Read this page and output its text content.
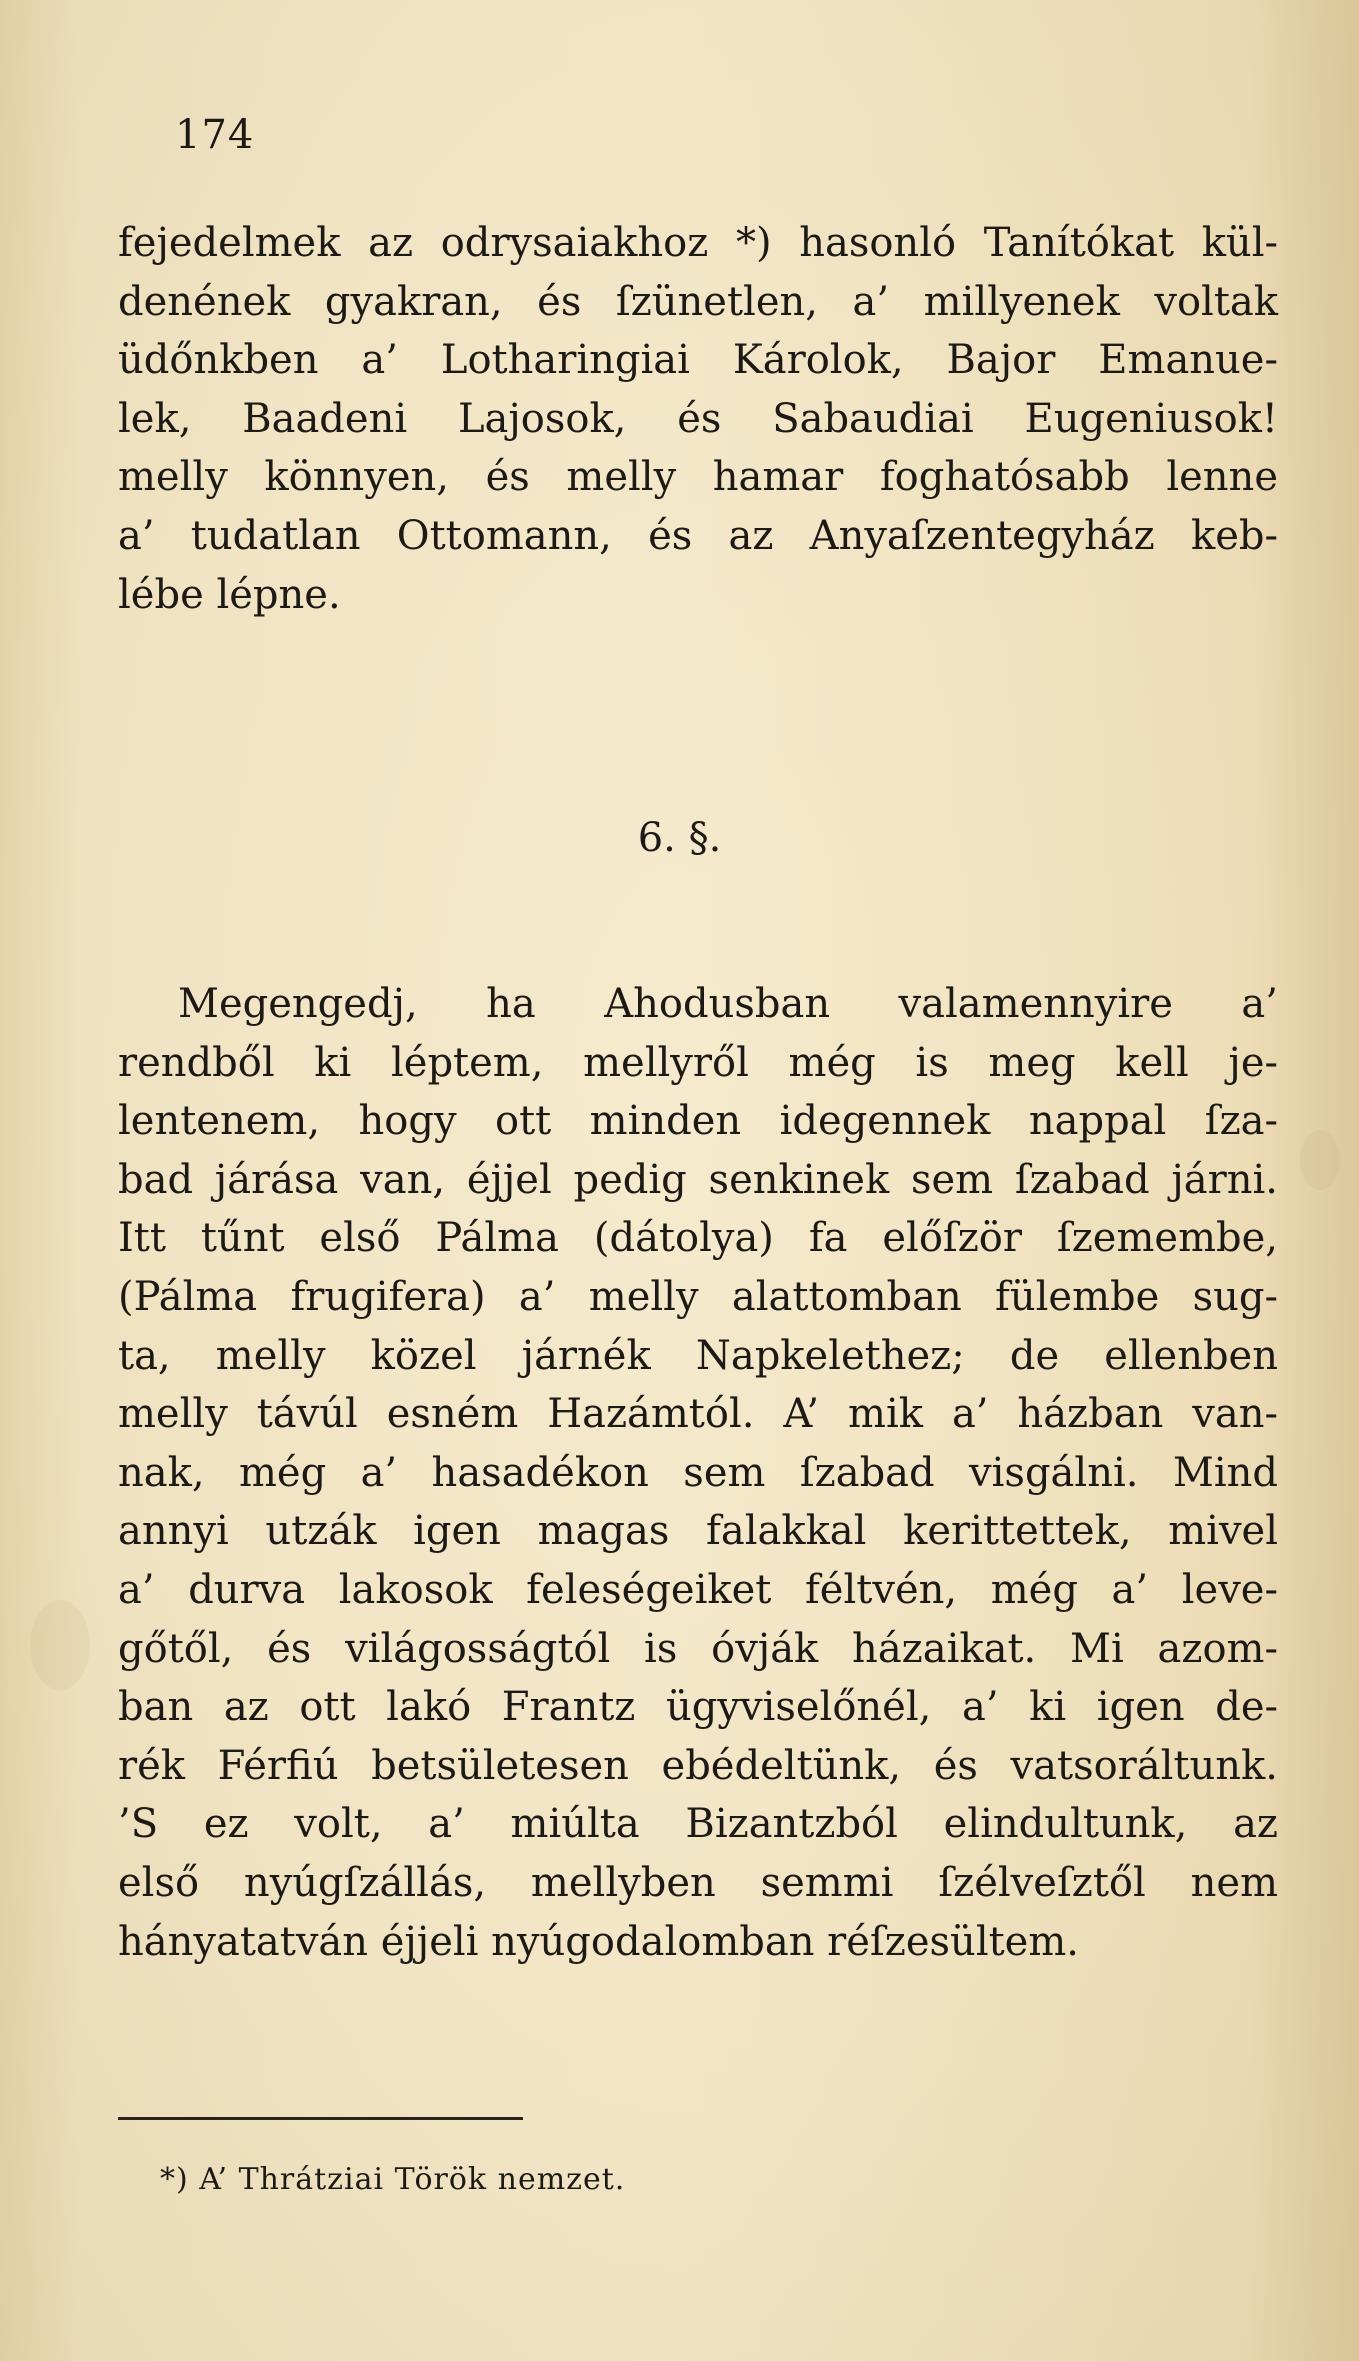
174
fejedelmek az odrysaiakhoz *) hasonló Tanítókat kül-
denének gyakran, és ſzünetlen, a’ millyenek voltak
üdőnkben a’ Lotharingiai Károlok, Bajor Emanue-
lek, Baadeni Lajosok, és Sabaudiai Eugeniusok!
melly könnyen, és melly hamar foghatósabb lenne
a’ tudatlan Ottomann, és az Anyaſzentegyház keb-
lébe lépne.
6. §.
Megengedj, ha Ahodusban valamennyire a’
rendből ki léptem, mellyről még is meg kell je-
lentenem, hogy ott minden idegennek nappal ſza-
bad járása van, éjjel pedig senkinek sem ſzabad járni.
Itt tűnt első Pálma (dátolya) fa előſzör ſzemembe,
(Pálma frugifera) a’ melly alattomban fülembe sug-
ta, melly közel járnék Napkelethez; de ellenben
melly távúl esném Hazámtól. A’ mik a’ házban van-
nak, még a’ hasadékon sem ſzabad visgálni. Mind
annyi utzák igen magas falakkal kerittettek, mivel
a’ durva lakosok feleségeiket féltvén, még a’ leve-
gőtől, és világosságtól is óvják házaikat. Mi azom-
ban az ott lakó Frantz ügyviselőnél, a’ ki igen de-
rék Férfiú betsületesen ebédeltünk, és vatsoráltunk.
’S ez volt, a’ miúlta Bizantzból elindultunk, az
első nyúgſzállás, mellyben semmi ſzélveſztől nem
hányatatván éjjeli nyúgodalomban réſzesültem.
*) A’ Thrátziai Török nemzet.
